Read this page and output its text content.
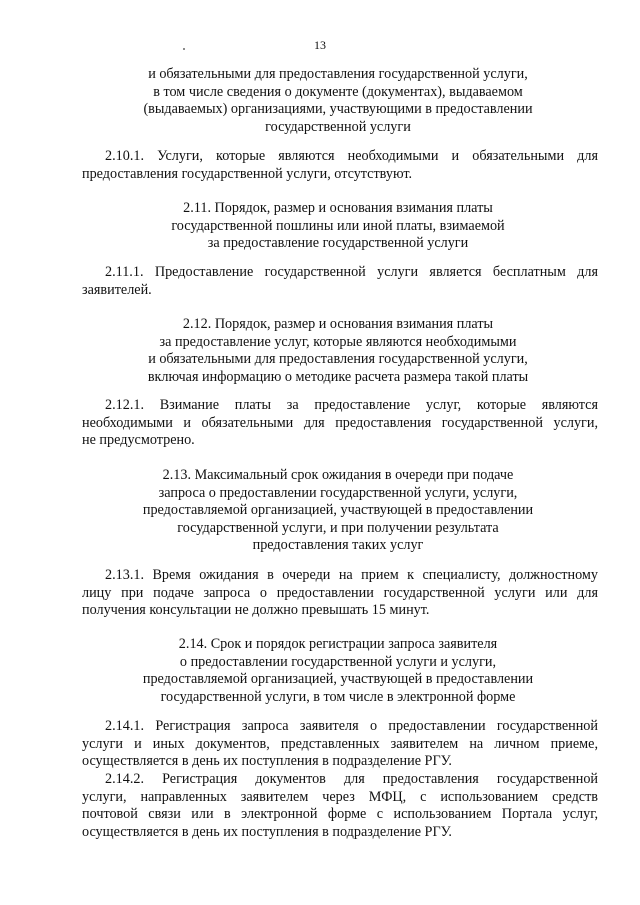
13
и обязательными для предоставления государственной услуги,
в том числе сведения о документе (документах), выдаваемом
(выдаваемых) организациями, участвующими в предоставлении
государственной услуги
2.10.1. Услуги, которые являются необходимыми и обязательными для
предоставления государственной услуги, отсутствуют.
2.11. Порядок, размер и основания взимания платы
государственной пошлины или иной платы, взимаемой
за предоставление государственной услуги
2.11.1. Предоставление государственной услуги является бесплатным для
заявителей.
2.12. Порядок, размер и основания взимания платы
за предоставление услуг, которые являются необходимыми
и обязательными для предоставления государственной услуги,
включая информацию о методике расчета размера такой платы
2.12.1. Взимание платы за предоставление услуг, которые являются
необходимыми и обязательными для предоставления государственной услуги,
не предусмотрено.
2.13. Максимальный срок ожидания в очереди при подаче
запроса о предоставлении государственной услуги, услуги,
предоставляемой организацией, участвующей в предоставлении
государственной услуги, и при получении результата
предоставления таких услуг
2.13.1. Время ожидания в очереди на прием к специалисту, должностному
лицу при подаче запроса о предоставлении государственной услуги или для
получения консультации не должно превышать 15 минут.
2.14. Срок и порядок регистрации запроса заявителя
о предоставлении государственной услуги и услуги,
предоставляемой организацией, участвующей в предоставлении
государственной услуги, в том числе в электронной форме
2.14.1. Регистрация запроса заявителя о предоставлении государственной
услуги и иных документов, представленных заявителем на личном приеме,
осуществляется в день их поступления в подразделение РГУ.
2.14.2. Регистрация документов для предоставления государственной
услуги, направленных заявителем через МФЦ, с использованием средств
почтовой связи или в электронной форме с использованием Портала услуг,
осуществляется в день их поступления в подразделение РГУ.
